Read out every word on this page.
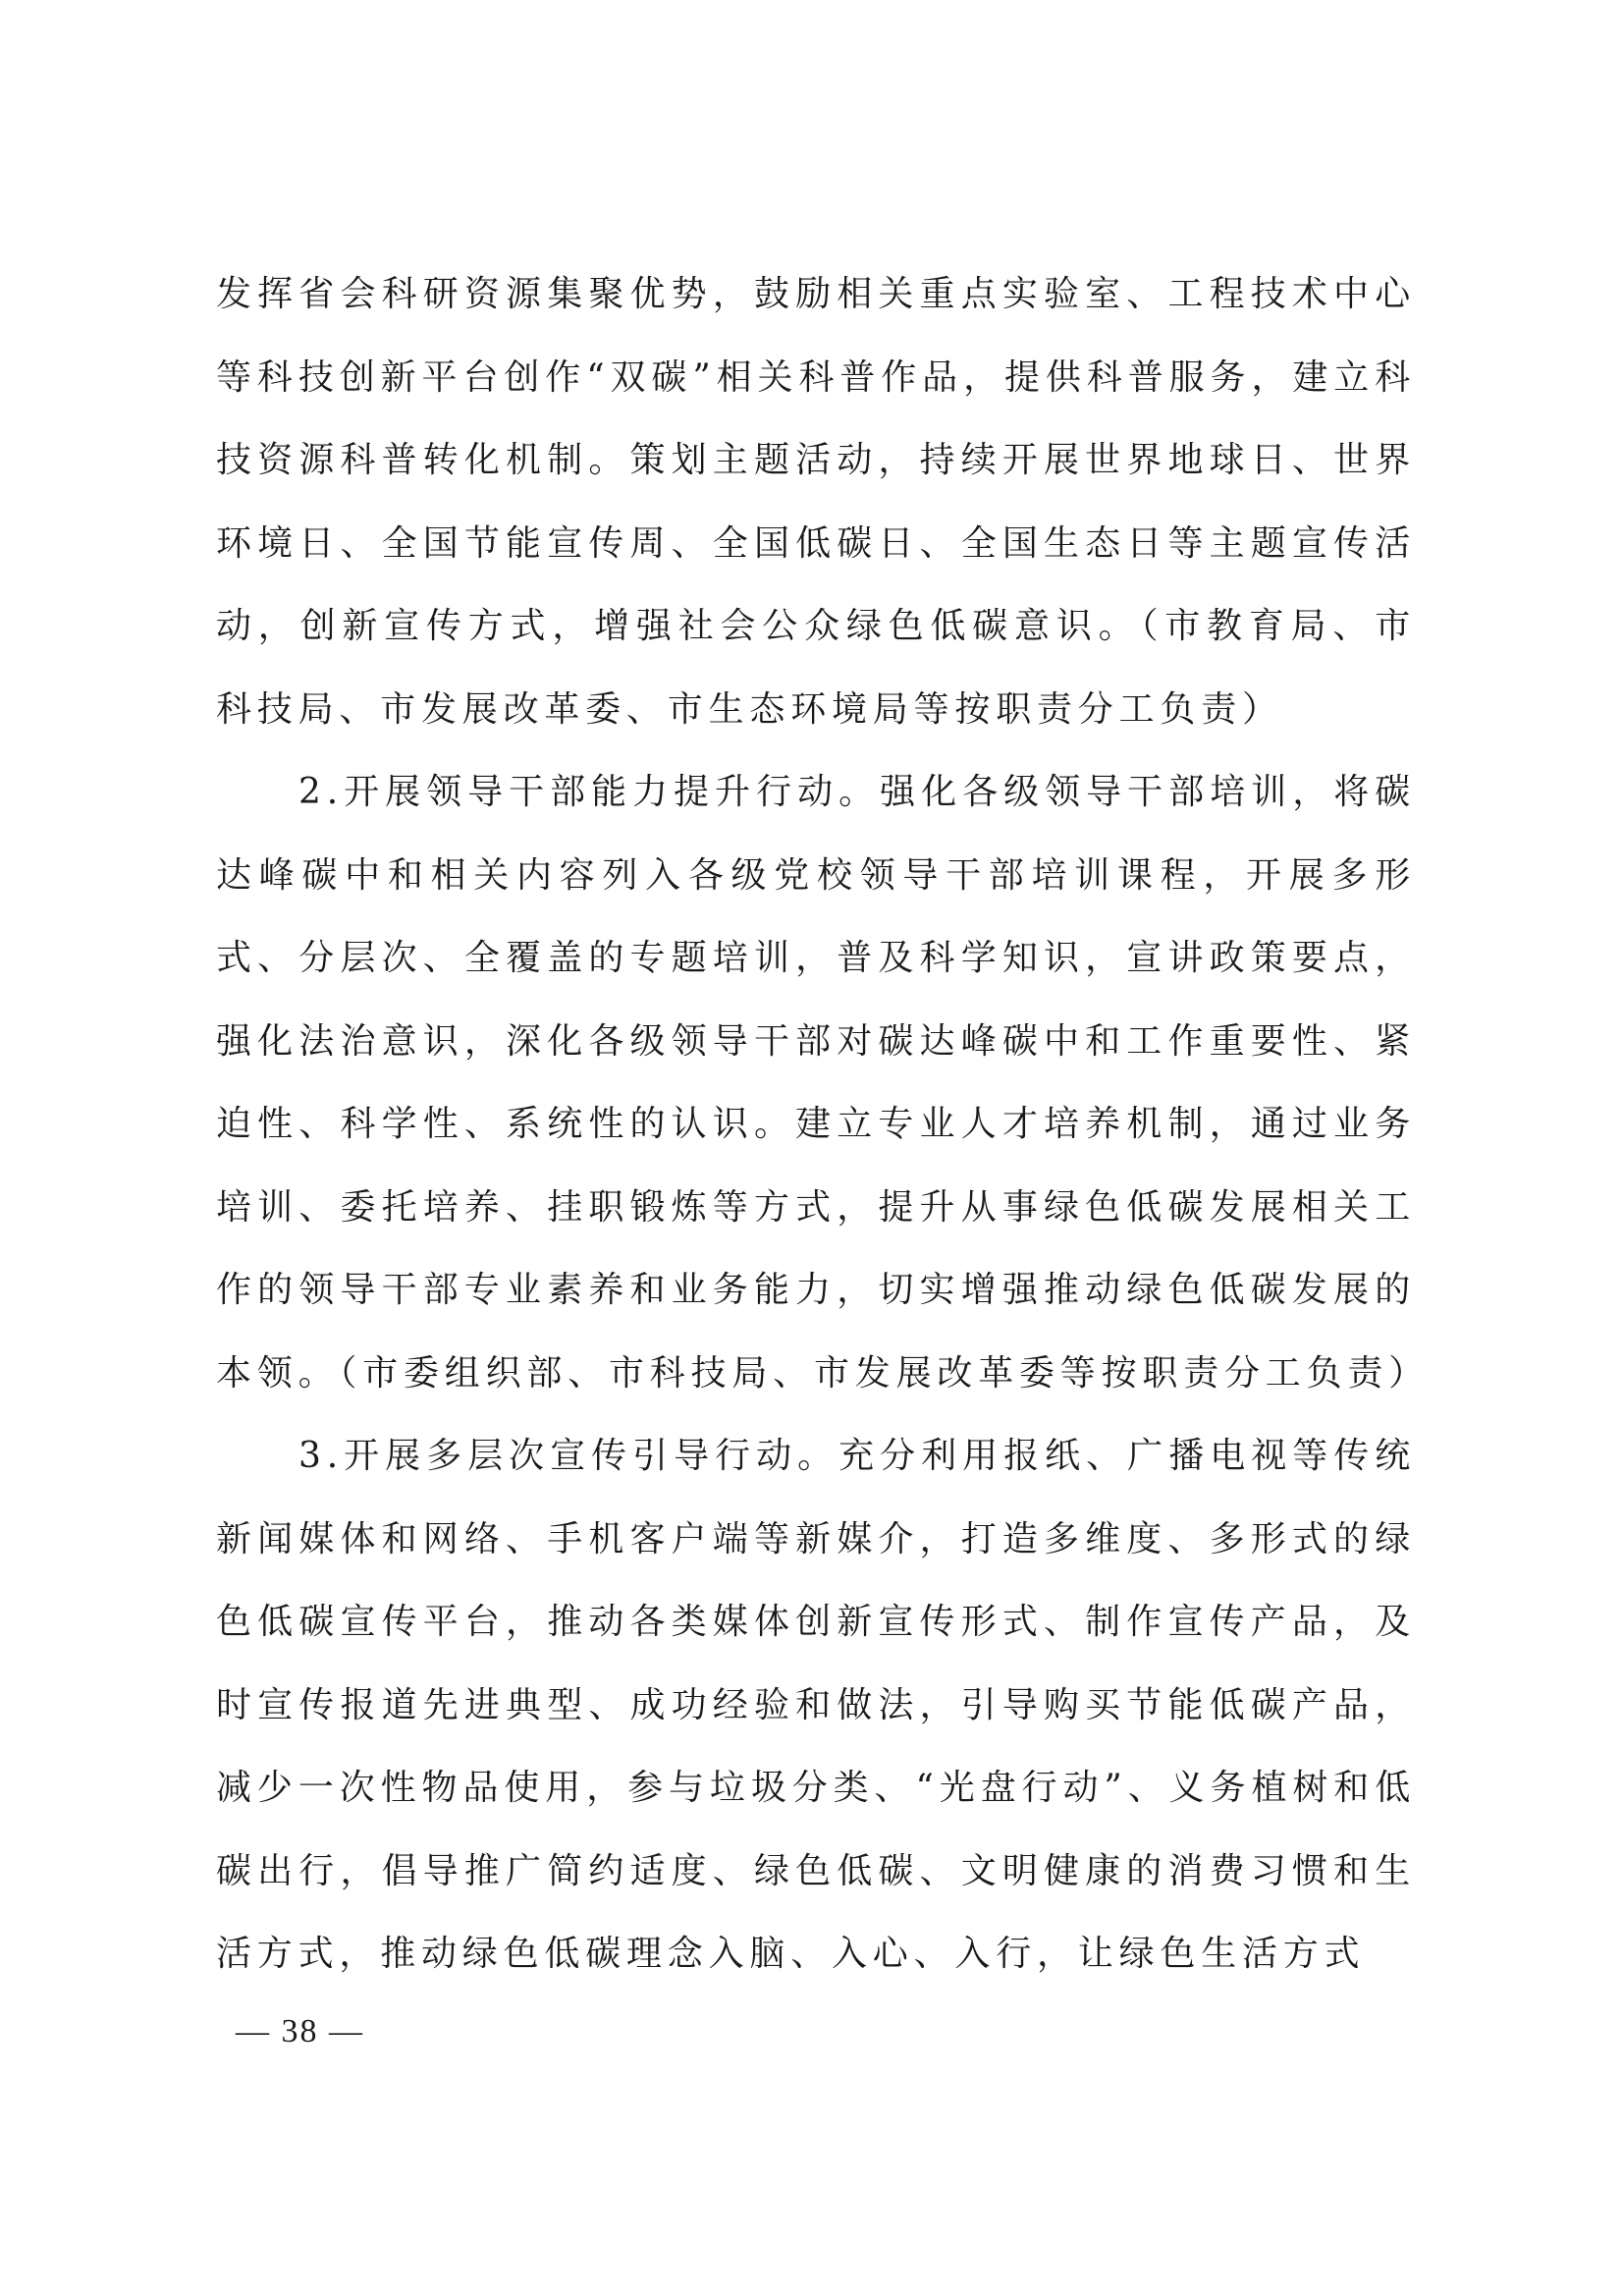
发挥省会科研资源集聚优势，鼓励相关重点实验室、工程技术中心等科技创新平台创作“双碳”相关科普作品，提供科普服务，建立科技资源科普转化机制。策划主题活动，持续开展世界地球日、世界环境日、全国节能宣传周、全国低碳日、全国生态日等主题宣传活动，创新宣传方式，增强社会公众绿色低碳意识。（市教育局、市科技局、市发展改革委、市生态环境局等按职责分工负责）

2.开展领导干部能力提升行动。强化各级领导干部培训，将碳达峰碳中和相关内容列入各级党校领导干部培训课程，开展多形式、分层次、全覆盖的专题培训，普及科学知识，宣讲政策要点，强化法治意识，深化各级领导干部对碳达峰碳中和工作重要性、紧迫性、科学性、系统性的认识。建立专业人才培养机制，通过业务培训、委托培养、挂职锻炼等方式，提升从事绿色低碳发展相关工作的领导干部专业素养和业务能力，切实增强推动绿色低碳发展的本领。（市委组织部、市科技局、市发展改革委等按职责分工负责）

3.开展多层次宣传引导行动。充分利用报纸、广播电视等传统新闻媒体和网络、手机客户端等新媒介，打造多维度、多形式的绿色低碳宣传平台，推动各类媒体创新宣传形式、制作宣传产品，及时宣传报道先进典型、成功经验和做法，引导购买节能低碳产品，减少一次性物品使用，参与垃圾分类、“光盘行动”、义务植树和低碳出行，倡导推广简约适度、绿色低碳、文明健康的消费习惯和生活方式，推动绿色低碳理念入脑、入心、入行，让绿色生活方式

— 38 —
